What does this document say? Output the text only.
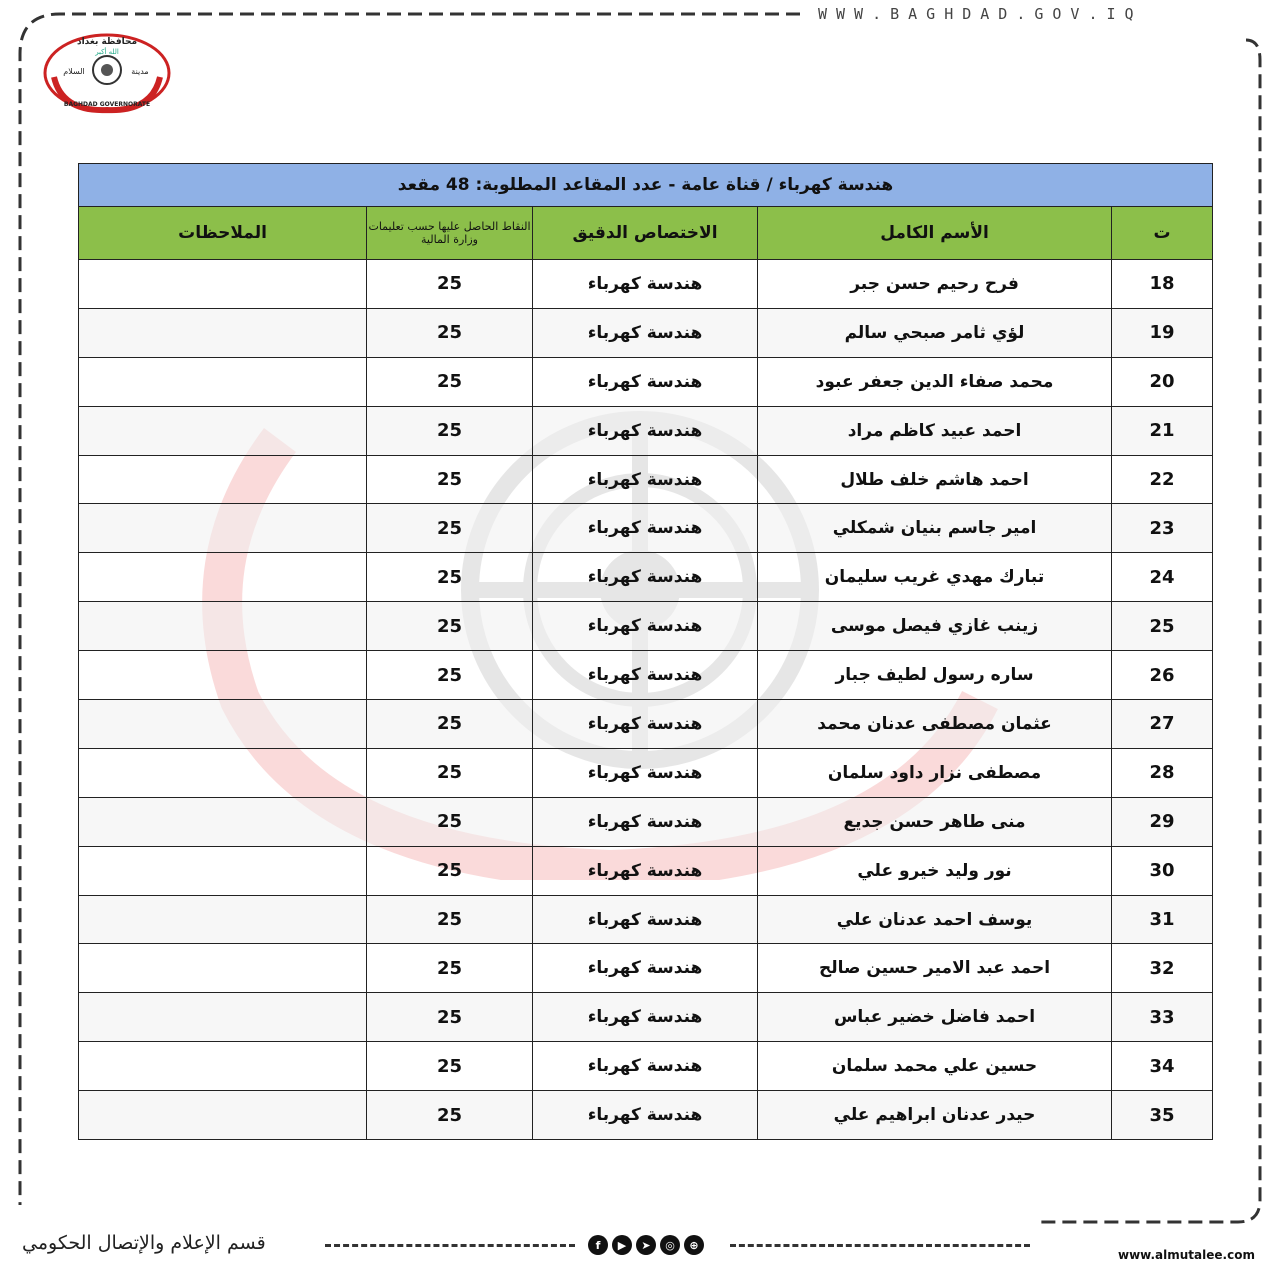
WWW.BAGHDAD.GOV.IQ
محافظة بغداد
الله أكبر
السلام	مدينة
BAGHDAD GOVERNORATE
هندسة كهرباء / قناة عامة - عدد المقاعد المطلوبة: 48 مقعد				
ت	الأسم الكامل	الاختصاص الدقيق	النقاط الحاصل عليها حسب تعليمات وزارة المالية	الملاحظات
18	فرح رحيم حسن جبر	هندسة كهرباء	25	
19	لؤي ثامر صبحي سالم	هندسة كهرباء	25	
20	محمد صفاء الدين جعفر عبود	هندسة كهرباء	25	
21	احمد عبيد كاظم مراد	هندسة كهرباء	25	
22	احمد هاشم خلف طلال	هندسة كهرباء	25	
23	امير جاسم بنيان شمكلي	هندسة كهرباء	25	
24	تبارك مهدي غريب سليمان	هندسة كهرباء	25	
25	زينب غازي فيصل موسى	هندسة كهرباء	25	
26	ساره رسول لطيف جبار	هندسة كهرباء	25	
27	عثمان مصطفى عدنان محمد	هندسة كهرباء	25	
28	مصطفى نزار داود سلمان	هندسة كهرباء	25	
29	منى طاهر حسن جديع	هندسة كهرباء	25	
30	نور وليد خيرو علي	هندسة كهرباء	25	
31	يوسف احمد عدنان علي	هندسة كهرباء	25	
32	احمد عبد الامير حسين صالح	هندسة كهرباء	25	
33	احمد فاضل خضير عباس	هندسة كهرباء	25	
34	حسين علي محمد سلمان	هندسة كهرباء	25	
35	حيدر عدنان ابراهيم علي	هندسة كهرباء	25	
قسم الإعلام والإتصال الحكومي	f	▶	➤	◎	⊕
www.almutalee.com
